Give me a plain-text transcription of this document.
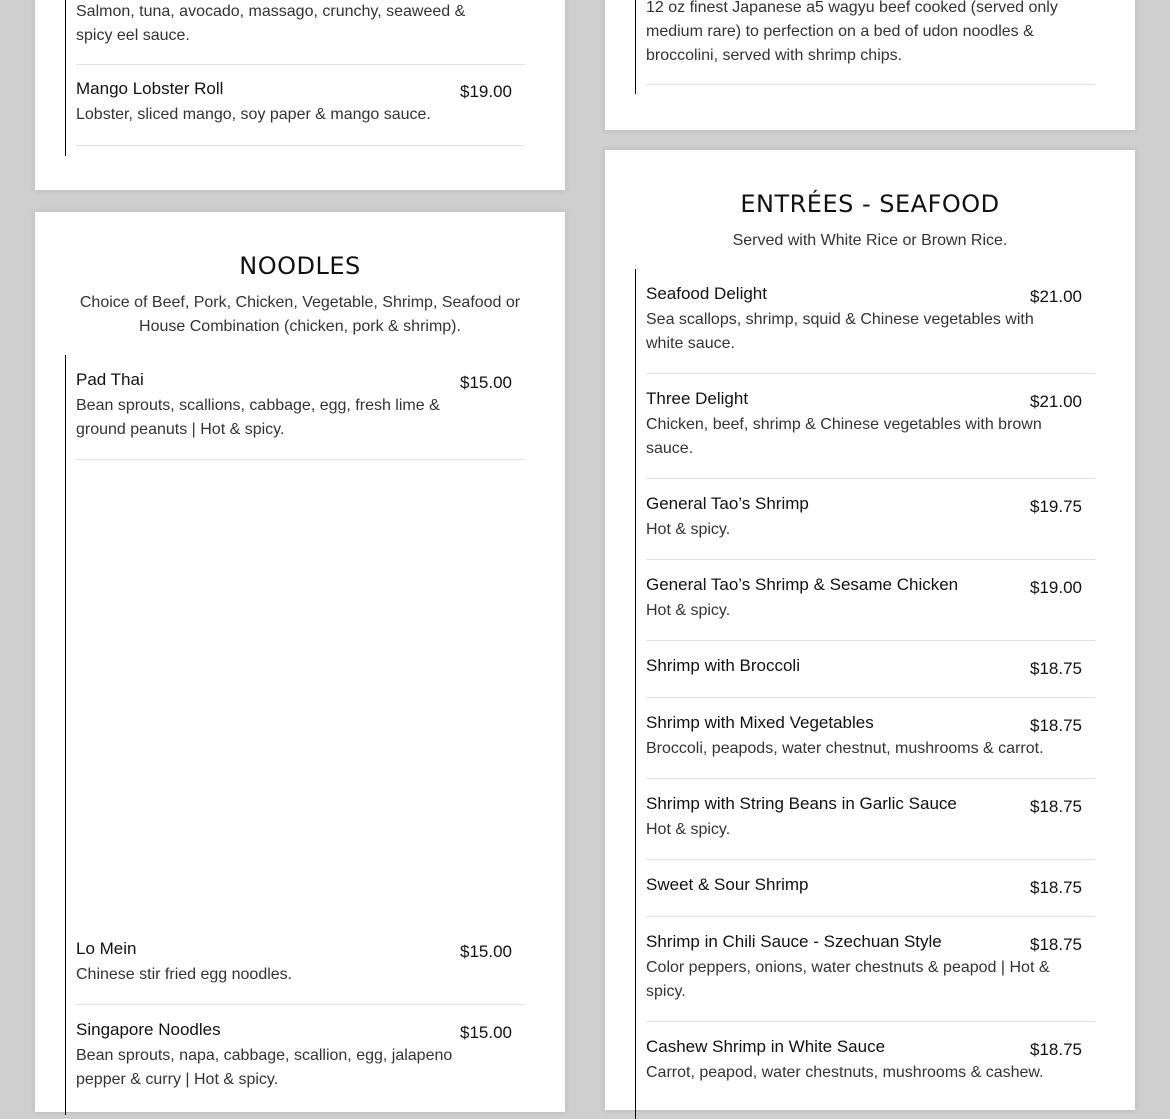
Salmon, tuna, avocado, massago, crunchy, seaweed & spicy eel sauce.
Mango Lobster Roll	$19.00
Lobster, sliced mango, soy paper & mango sauce.
12 oz finest Japanese a5 wagyu beef cooked (served only medium rare) to perfection on a bed of udon noodles & broccolini, served with shrimp chips.
NOODLES
Choice of Beef, Pork, Chicken, Vegetable, Shrimp, Seafood or House Combination (chicken, pork & shrimp).
Pad Thai	$15.00
Bean sprouts, scallions, cabbage, egg, fresh lime & ground peanuts | Hot & spicy.
Lo Mein	$15.00
Chinese stir fried egg noodles.
Singapore Noodles	$15.00
Bean sprouts, napa, cabbage, scallion, egg, jalapeno pepper & curry | Hot & spicy.
ENTRÉES - SEAFOOD
Served with White Rice or Brown Rice.
Seafood Delight	$21.00
Sea scallops, shrimp, squid & Chinese vegetables with white sauce.
Three Delight	$21.00
Chicken, beef, shrimp & Chinese vegetables with brown sauce.
General Tao’s Shrimp	$19.75
Hot & spicy.
General Tao’s Shrimp & Sesame Chicken	$19.00
Hot & spicy.
Shrimp with Broccoli	$18.75
Shrimp with Mixed Vegetables	$18.75
Broccoli, peapods, water chestnut, mushrooms & carrot.
Shrimp with String Beans in Garlic Sauce	$18.75
Hot & spicy.
Sweet & Sour Shrimp	$18.75
Shrimp in Chili Sauce - Szechuan Style	$18.75
Color peppers, onions, water chestnuts & peapod | Hot & spicy.
Cashew Shrimp in White Sauce	$18.75
Carrot, peapod, water chestnuts, mushrooms & cashew.
